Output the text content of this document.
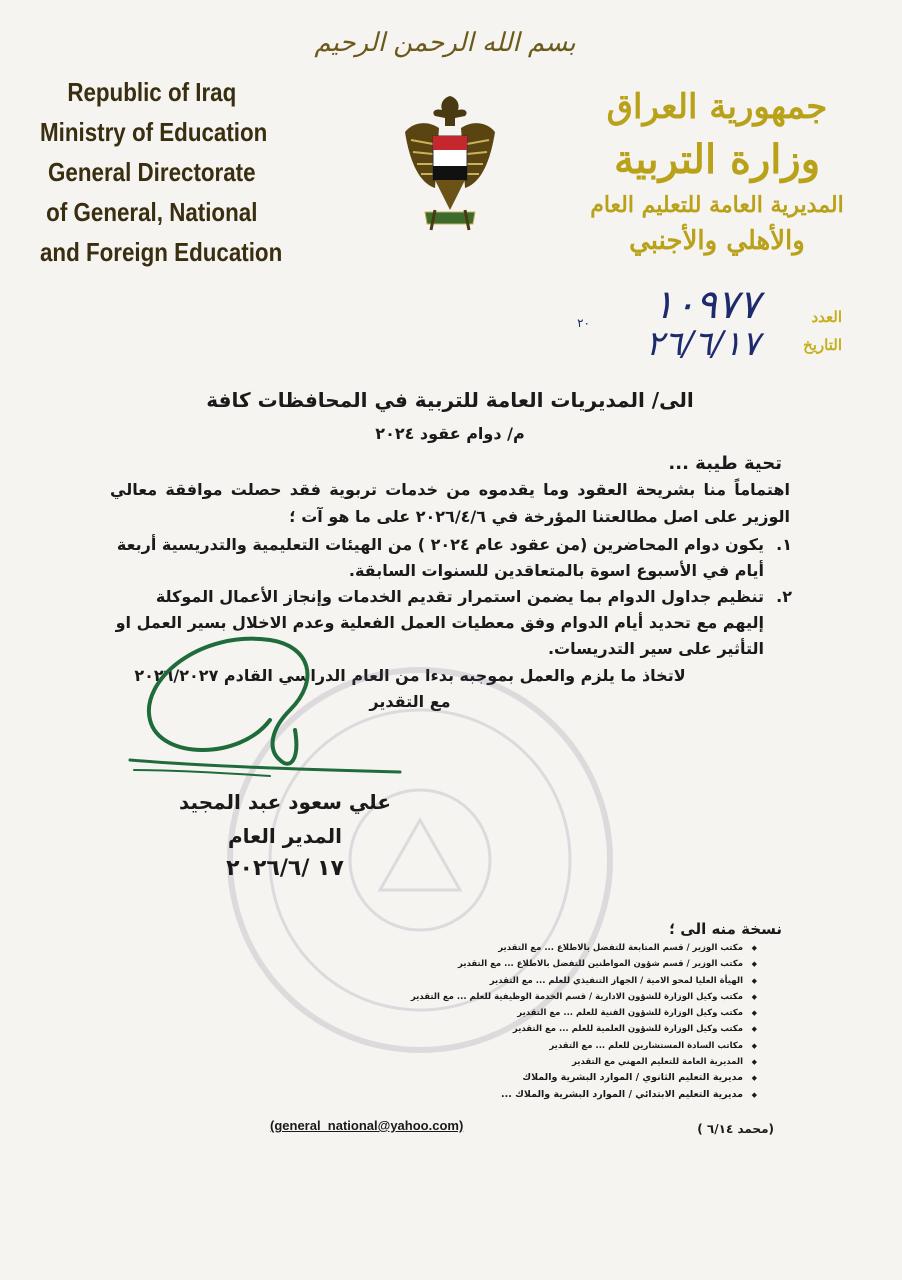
بسم الله الرحمن الرحيم
Republic of Iraq
Ministry of Education
General Directorate
of General, National
and Foreign Education
جمهورية العراق
وزارة التربية
المديرية العامة للتعليم العام
والأهلي والأجنبي
العدد
١٠٩٧٧
التاريخ
٢٠
٢٦/٦/١٧
الى/ المديريات العامة للتربية في المحافظات كافة
م/ دوام عقود ٢٠٢٤
تحية طيبة ...
اهتماماً منا بشريحة العقود وما يقدموه من خدمات تربوية فقد حصلت موافقة معالي الوزير على اصل مطالعتنا المؤرخة في ٢٠٢٦/٤/٦ على ما هو آت ؛
١.
يكون دوام المحاضرين (من عقود عام ٢٠٢٤ ) من الهيئات التعليمية والتدريسية أربعة أيام في الأسبوع اسوة بالمتعاقدين للسنوات السابقة.
٢.
تنظيم جداول الدوام بما يضمن استمرار تقديم الخدمات وإنجاز الأعمال الموكلة إليهم مع تحديد أيام الدوام وفق معطيات العمل الفعلية وعدم الاخلال بسير العمل او التأثير على سير التدريسات.
لاتخاذ ما يلزم والعمل بموجبه بدءا من العام الدراسي القادم ٢٠٢٦/٢٠٢٧
مع التقدير
علي سعود عبد المجيد
المدير العام
١٧ /٢٠٢٦/٦
نسخة منه الى ؛
◆ مكتب الوزير / قسم المتابعة للتفضل بالاطلاع ... مع التقدير
◆ مكتب الوزير / قسم شؤون المواطنين للتفضل بالاطلاع ... مع التقدير
◆ الهيأة العليا لمحو الامية / الجهاز التنفيذي للعلم ... مع التقدير
◆ مكتب وكيل الوزارة للشؤون الادارية / قسم الخدمة الوظيفية للعلم ... مع التقدير
◆ مكتب وكيل الوزارة للشؤون الفنية للعلم ... مع التقدير
◆ مكتب وكيل الوزارة للشؤون العلمية للعلم ... مع التقدير
◆ مكاتب السادة المستشارين للعلم ... مع التقدير
◆ المديرية العامة للتعليم المهني مع التقدير
◆ مديرية التعليم الثانوي / الموارد البشرية والملاك
◆ مديرية التعليم الابتدائي / الموارد البشرية والملاك ...
(general_national@yahoo.com)	(محمد ٦/١٤ )
